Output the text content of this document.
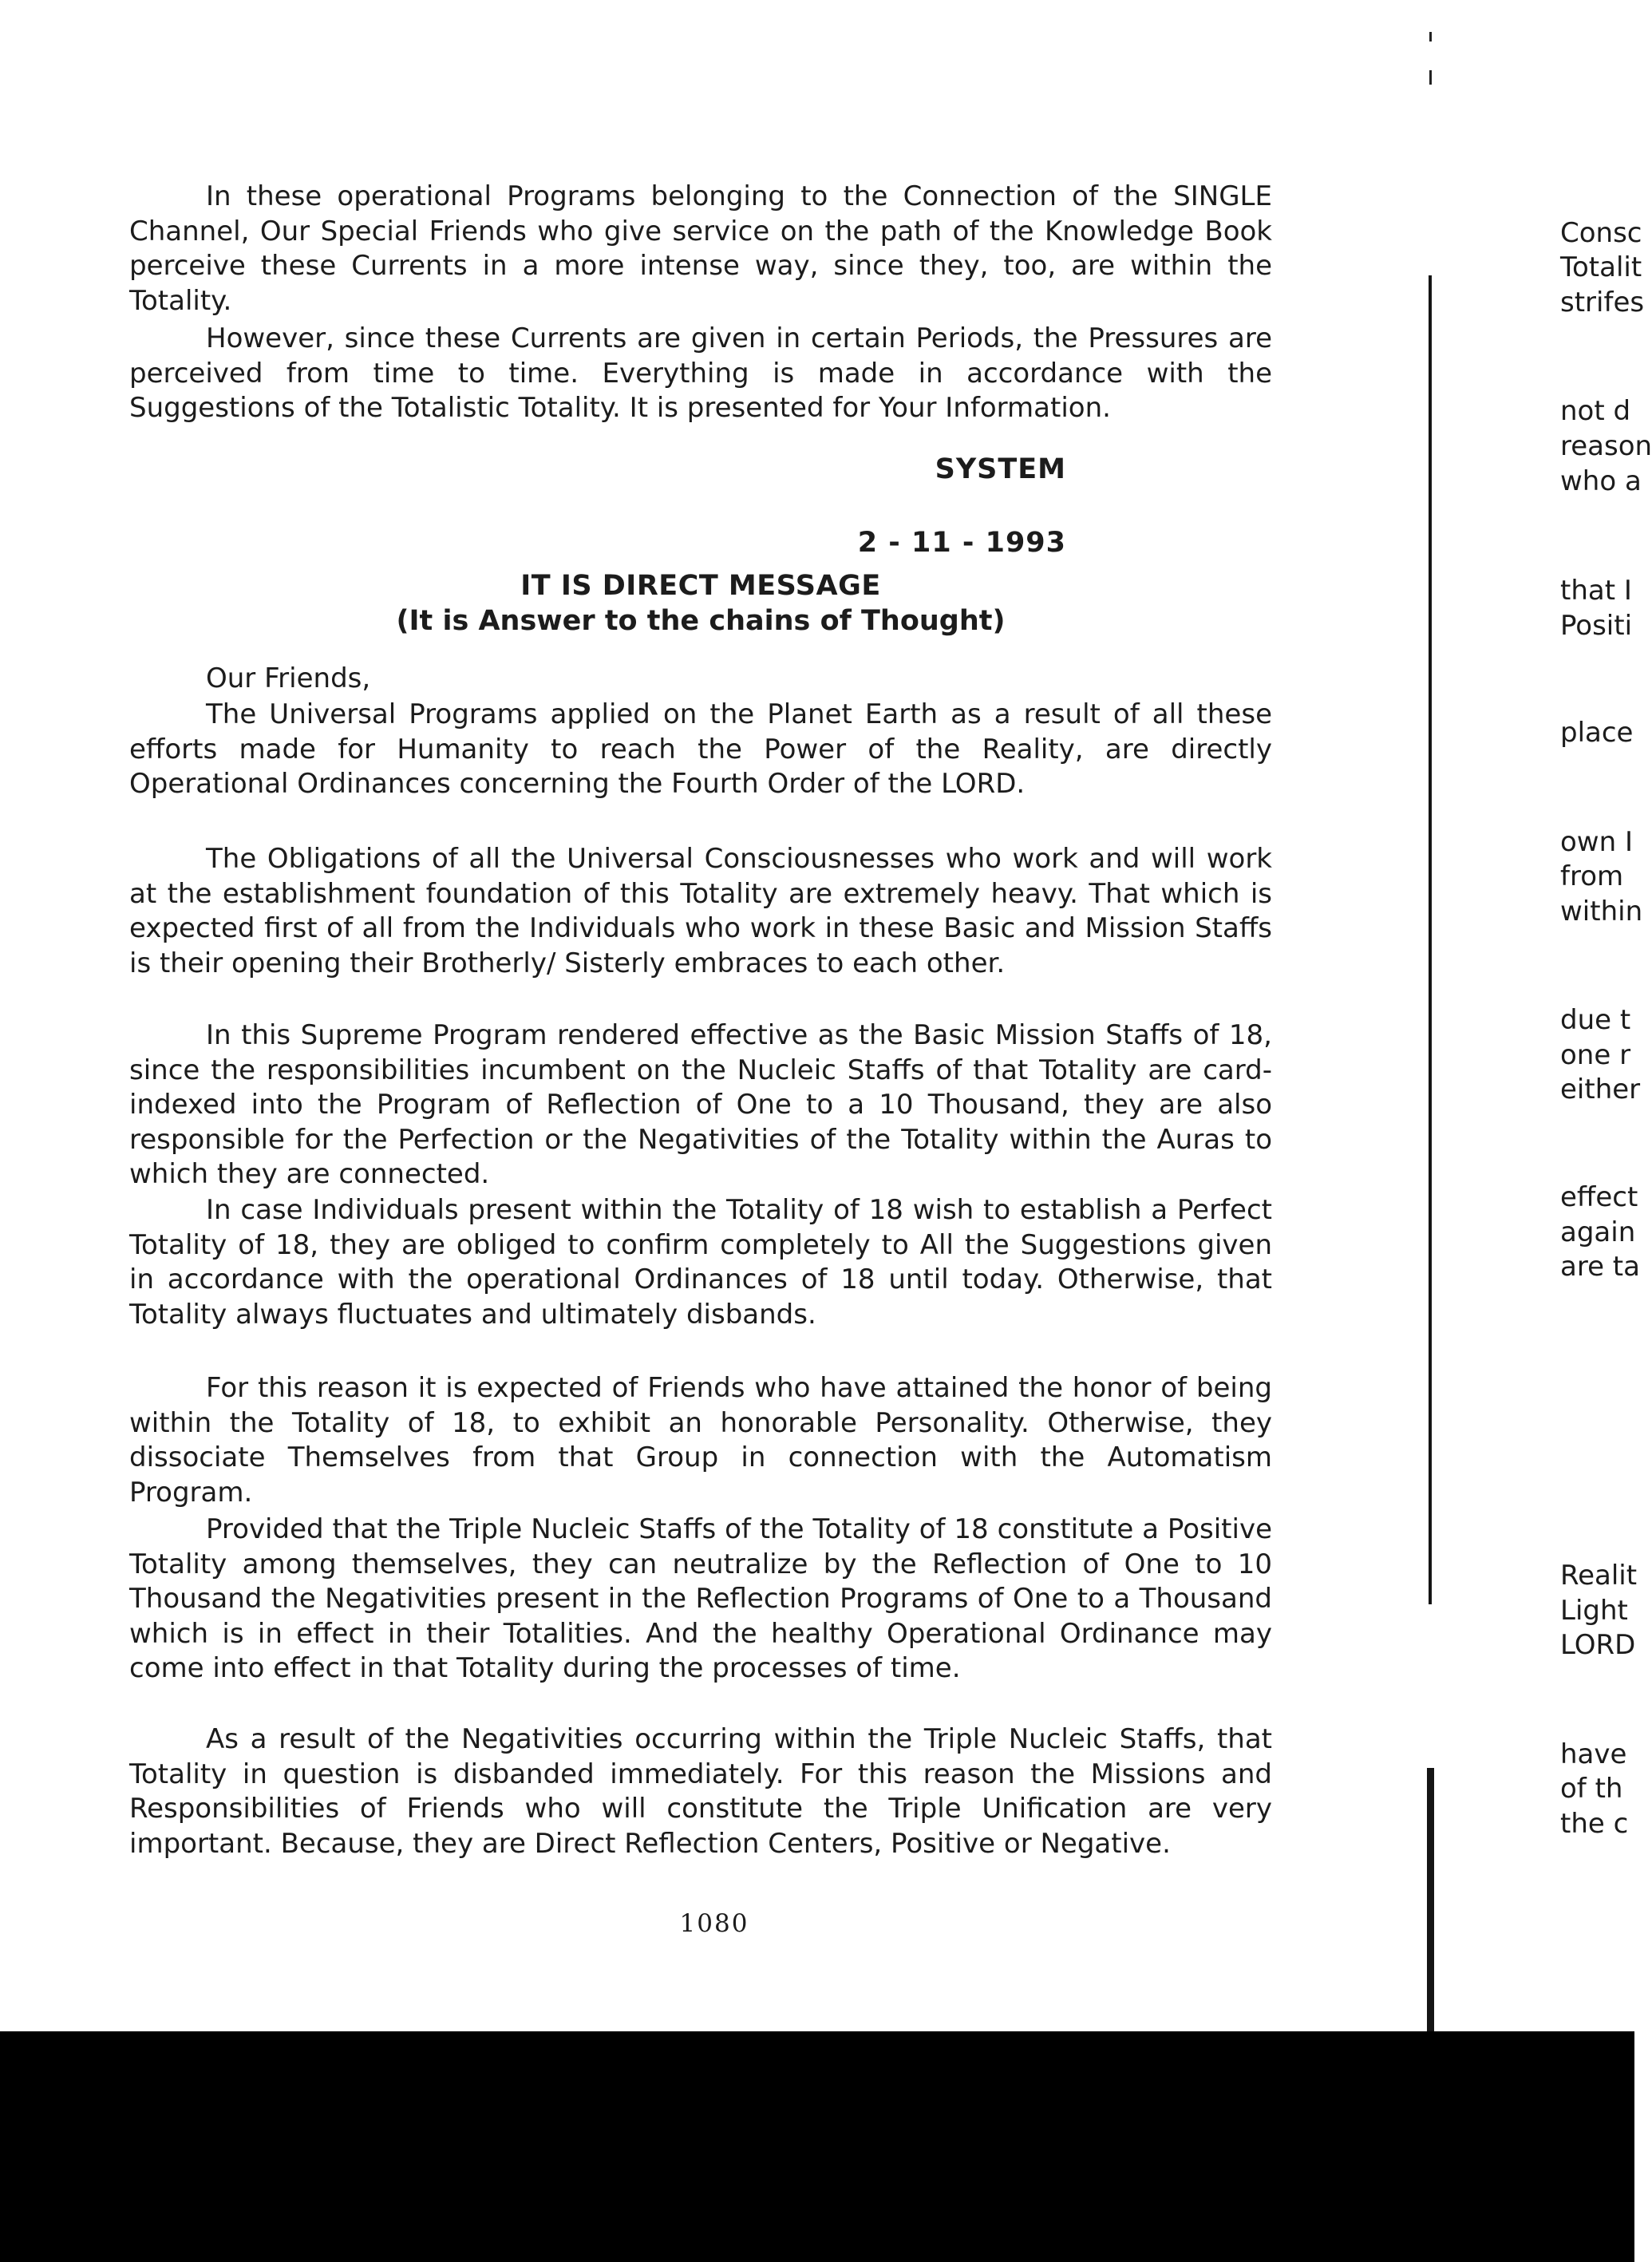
In these operational Programs belonging to the Connection of the SINGLE Channel, Our Special Friends who give service on the path of the Knowledge Book perceive these Currents in a more intense way, since they, too, are within the Totality.

However, since these Currents are given in certain Periods, the Pressures are perceived from time to time. Everything is made in accordance with the Suggestions of the Totalistic Totality. It is presented for Your Information.

SYSTEM
2 - 11 - 1993
IT IS DIRECT MESSAGE
(It is Answer to the chains of Thought)
Our Friends,

The Universal Programs applied on the Planet Earth as a result of all these efforts made for Humanity to reach the Power of the Reality, are directly Operational Ordinances concerning the Fourth Order of the LORD.

The Obligations of all the Universal Consciousnesses who work and will work at the establishment foundation of this Totality are extremely heavy. That which is expected first of all from the Individuals who work in these Basic and Mission Staffs is their opening their Brotherly/ Sisterly embraces to each other.

In this Supreme Program rendered effective as the Basic Mission Staffs of 18, since the responsibilities incumbent on the Nucleic Staffs of that Totality are card-indexed into the Program of Reflection of One to a 10 Thousand, they are also responsible for the Perfection or the Negativities of the Totality within the Auras to which they are connected.

In case Individuals present within the Totality of 18 wish to establish a Perfect Totality of 18, they are obliged to confirm completely to All the Suggestions given in accordance with the operational Ordinances of 18 until today. Otherwise, that Totality always fluctuates and ultimately disbands.

For this reason it is expected of Friends who have attained the honor of being within the Totality of 18, to exhibit an honorable Personality. Otherwise, they dissociate Themselves from that Group in connection with the Automatism Program.

Provided that the Triple Nucleic Staffs of the Totality of 18 constitute a Positive Totality among themselves, they can neutralize by the Reflection of One to 10 Thousand the Negativities present in the Reflection Programs of One to a Thousand which is in effect in their Totalities. And the healthy Operational Ordinance may come into effect in that Totality during the processes of time.

As a result of the Negativities occurring within the Triple Nucleic Staffs, that Totality in question is disbanded immediately. For this reason the Missions and Responsibilities of Friends who will constitute the Triple Unification are very important. Because, they are Direct Reflection Centers, Positive or Negative.

1080
Consc
Totalit
strifes
not d
reason
who a
that I
Positi
place
own I
from
within
due t
one r
either
effect
again
are ta
Realit
Light
LORD
have
of th
the c
